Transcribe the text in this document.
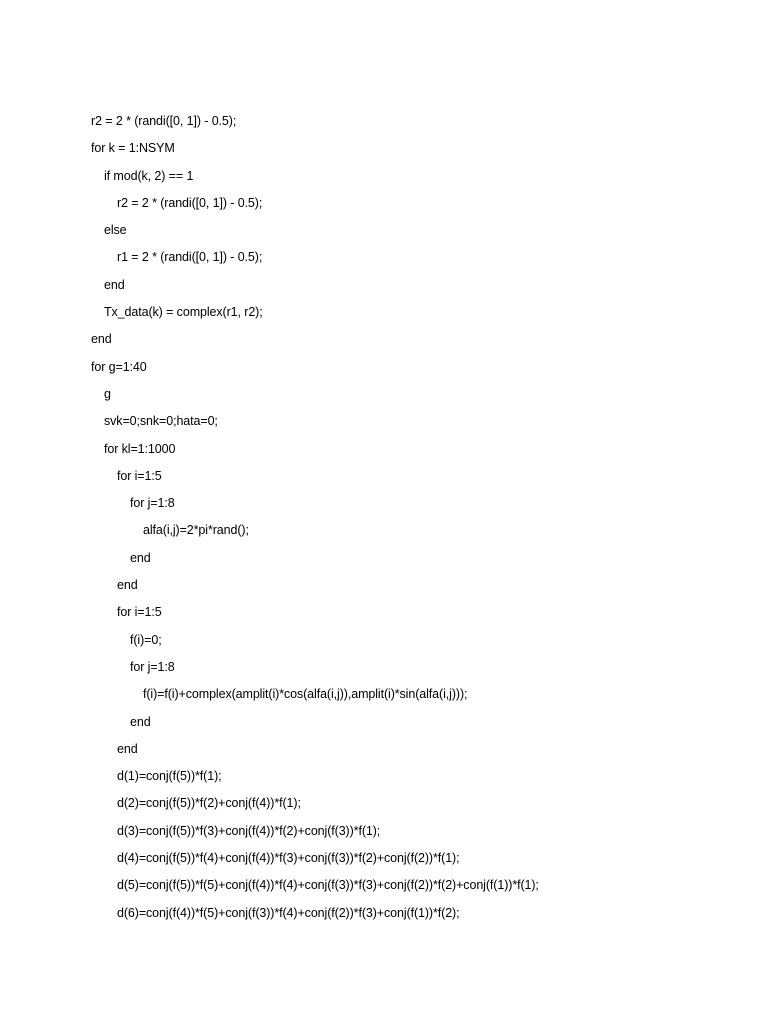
r2 = 2 * (randi([0, 1]) - 0.5);
for k = 1:NSYM
if mod(k, 2) == 1
r2 = 2 * (randi([0, 1]) - 0.5);
else
r1 = 2 * (randi([0, 1]) - 0.5);
end
Tx_data(k) = complex(r1, r2);
end
for g=1:40
g
svk=0;snk=0;hata=0;
for kl=1:1000
for i=1:5
for j=1:8
alfa(i,j)=2*pi*rand();
end
end
for i=1:5
f(i)=0;
for j=1:8
f(i)=f(i)+complex(amplit(i)*cos(alfa(i,j)),amplit(i)*sin(alfa(i,j)));
end
end
d(1)=conj(f(5))*f(1);
d(2)=conj(f(5))*f(2)+conj(f(4))*f(1);
d(3)=conj(f(5))*f(3)+conj(f(4))*f(2)+conj(f(3))*f(1);
d(4)=conj(f(5))*f(4)+conj(f(4))*f(3)+conj(f(3))*f(2)+conj(f(2))*f(1);
d(5)=conj(f(5))*f(5)+conj(f(4))*f(4)+conj(f(3))*f(3)+conj(f(2))*f(2)+conj(f(1))*f(1);
d(6)=conj(f(4))*f(5)+conj(f(3))*f(4)+conj(f(2))*f(3)+conj(f(1))*f(2);
